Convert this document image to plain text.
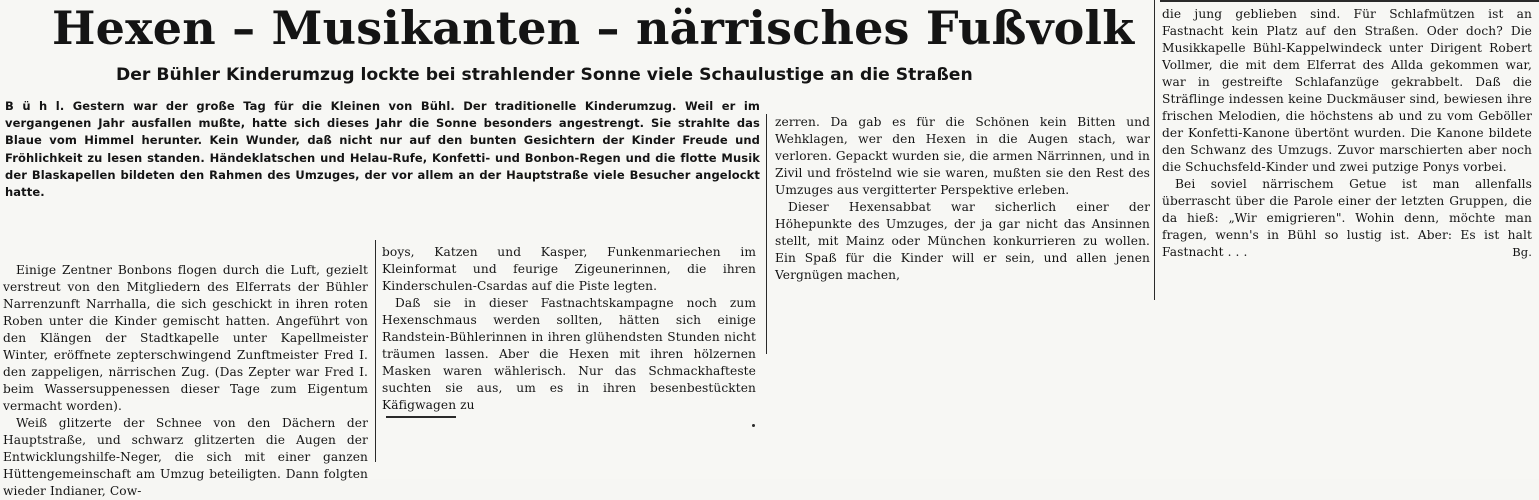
Hexen – Musikanten – närrisches Fußvolk
Der Bühler Kinderumzug lockte bei strahlender Sonne viele Schaulustige an die Straßen

B ü h l. Gestern war der große Tag für die Kleinen von Bühl. Der traditionelle Kinderumzug. Weil er im vergangenen Jahr ausfallen mußte, hatte sich dieses Jahr die Sonne besonders angestrengt. Sie strahlte das Blaue vom Himmel herunter. Kein Wunder, daß nicht nur auf den bunten Gesichtern der Kinder Freude und Fröhlichkeit zu lesen standen. Händeklatschen und Helau-Rufe, Konfetti- und Bonbon-Regen und die flotte Musik der Blaskapellen bildeten den Rahmen des Umzuges, der vor allem an der Hauptstraße viele Besucher angelockt hatte.

Einige Zentner Bonbons flogen durch die Luft, gezielt verstreut von den Mitgliedern des Elferrats der Bühler Narrenzunft Narrhalla, die sich geschickt in ihren roten Roben unter die Kinder gemischt hatten. Angeführt von den Klängen der Stadtkapelle unter Kapellmeister Winter, eröffnete zepterschwingend Zunftmeister Fred I. den zappeligen, närrischen Zug. (Das Zepter war Fred I. beim Wassersuppenessen dieser Tage zum Eigentum vermacht worden).

Weiß glitzerte der Schnee von den Dächern der Hauptstraße, und schwarz glitzerten die Augen der Entwicklungshilfe-Neger, die sich mit einer ganzen Hüttengemeinschaft am Umzug beteiligten. Dann folgten wieder Indianer, Cow-

boys, Katzen und Kasper, Funkenmariechen im Kleinformat und feurige Zigeunerinnen, die ihren Kinderschulen-Csardas auf die Piste legten.

Daß sie in dieser Fastnachtskampagne noch zum Hexenschmaus werden sollten, hätten sich einige Randstein-Bühlerinnen in ihren glühendsten Stunden nicht träumen lassen. Aber die Hexen mit ihren hölzernen Masken waren wählerisch. Nur das Schmackhafteste suchten sie aus, um es in ihren besenbestückten Käfigwagen zu

zerren. Da gab es für die Schönen kein Bitten und Wehklagen, wer den Hexen in die Augen stach, war verloren. Gepackt wurden sie, die armen Närrinnen, und in Zivil und fröstelnd wie sie waren, mußten sie den Rest des Umzuges aus vergitterter Perspektive erleben.

Dieser Hexensabbat war sicherlich einer der Höhepunkte des Umzuges, der ja gar nicht das Ansinnen stellt, mit Mainz oder München konkurrieren zu wollen. Ein Spaß für die Kinder will er sein, und allen jenen Vergnügen machen,

die jung geblieben sind. Für Schlafmützen ist an Fastnacht kein Platz auf den Straßen. Oder doch? Die Musikkapelle Bühl-Kappelwindeck unter Dirigent Robert Vollmer, die mit dem Elferrat des Allda gekommen war, war in gestreifte Schlafanzüge gekrabbelt. Daß die Sträflinge indessen keine Duckmäuser sind, bewiesen ihre frischen Melodien, die höchstens ab und zu vom Geböller der Konfetti-Kanone übertönt wurden. Die Kanone bildete den Schwanz des Umzugs. Zuvor marschierten aber noch die Schuchsfeld-Kinder und zwei putzige Ponys vorbei.

Bei soviel närrischem Getue ist man allenfalls überrascht über die Parole einer der letzten Gruppen, die da hieß: „Wir emigrieren". Wohin denn, möchte man fragen, wenn's in Bühl so lustig ist. Aber: Es ist halt Fastnacht . . .	Bg.
